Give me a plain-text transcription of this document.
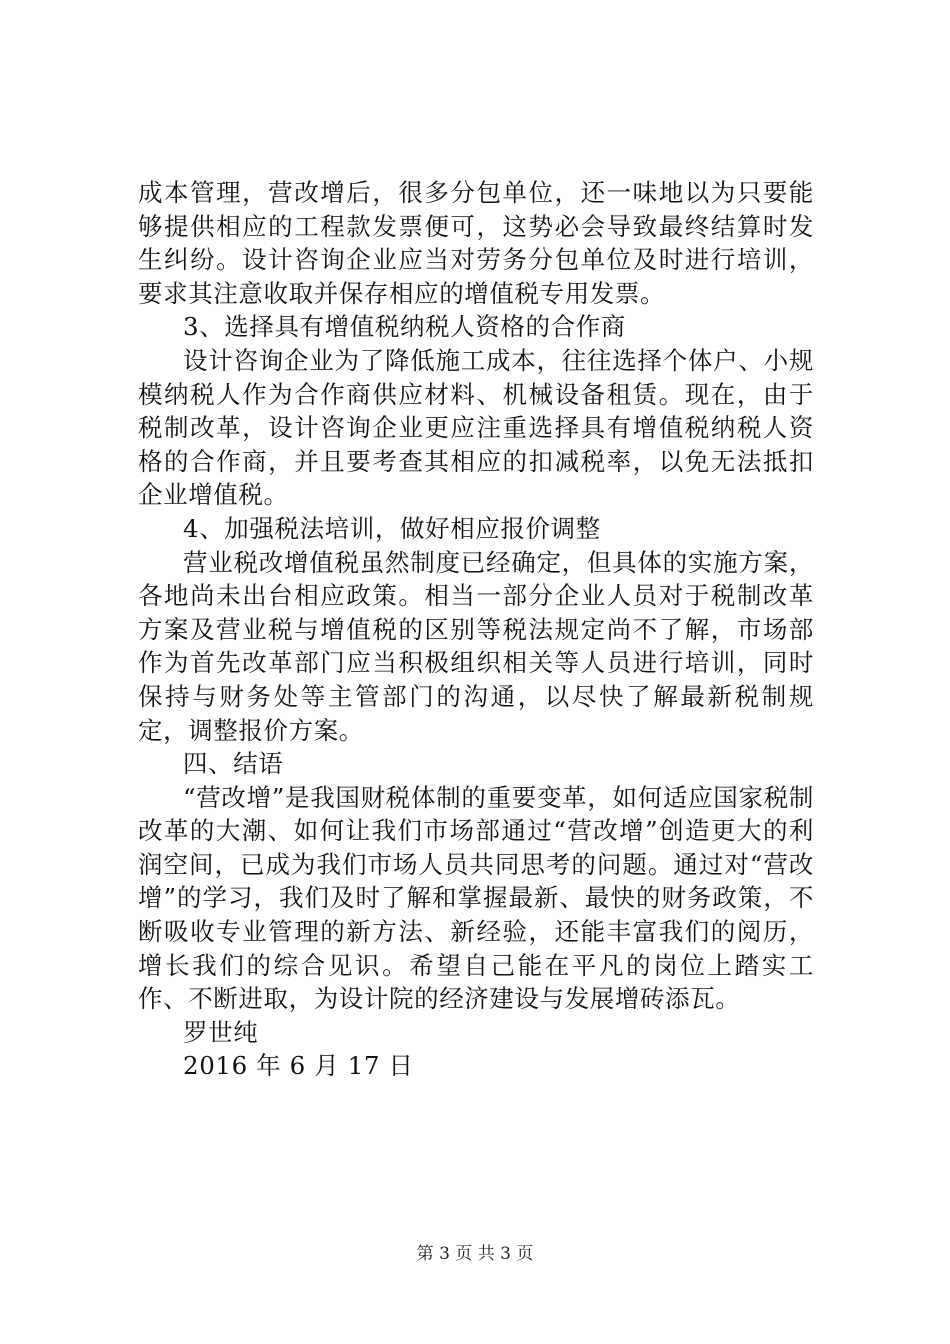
成本管理，营改增后，很多分包单位，还一味地以为只要能够提供相应的工程款发票便可，这势必会导致最终结算时发生纠纷。设计咨询企业应当对劳务分包单位及时进行培训，要求其注意收取并保存相应的增值税专用发票。

3、选择具有增值税纳税人资格的合作商

设计咨询企业为了降低施工成本，往往选择个体户、小规模纳税人作为合作商供应材料、机械设备租赁。现在，由于税制改革，设计咨询企业更应注重选择具有增值税纳税人资格的合作商，并且要考查其相应的扣减税率，以免无法抵扣企业增值税。

4、加强税法培训，做好相应报价调整

营业税改增值税虽然制度已经确定，但具体的实施方案，各地尚未出台相应政策。相当一部分企业人员对于税制改革方案及营业税与增值税的区别等税法规定尚不了解，市场部作为首先改革部门应当积极组织相关等人员进行培训，同时保持与财务处等主管部门的沟通，以尽快了解最新税制规定，调整报价方案。

四、结语

“营改增”是我国财税体制的重要变革，如何适应国家税制改革的大潮、如何让我们市场部通过“营改增”创造更大的利润空间，已成为我们市场人员共同思考的问题。通过对“营改增”的学习，我们及时了解和掌握最新、最快的财务政策，不断吸收专业管理的新方法、新经验，还能丰富我们的阅历，增长我们的综合见识。希望自己能在平凡的岗位上踏实工作、不断进取，为设计院的经济建设与发展增砖添瓦。

罗世纯

2016 年 6 月 17 日

第 3 页 共 3 页
